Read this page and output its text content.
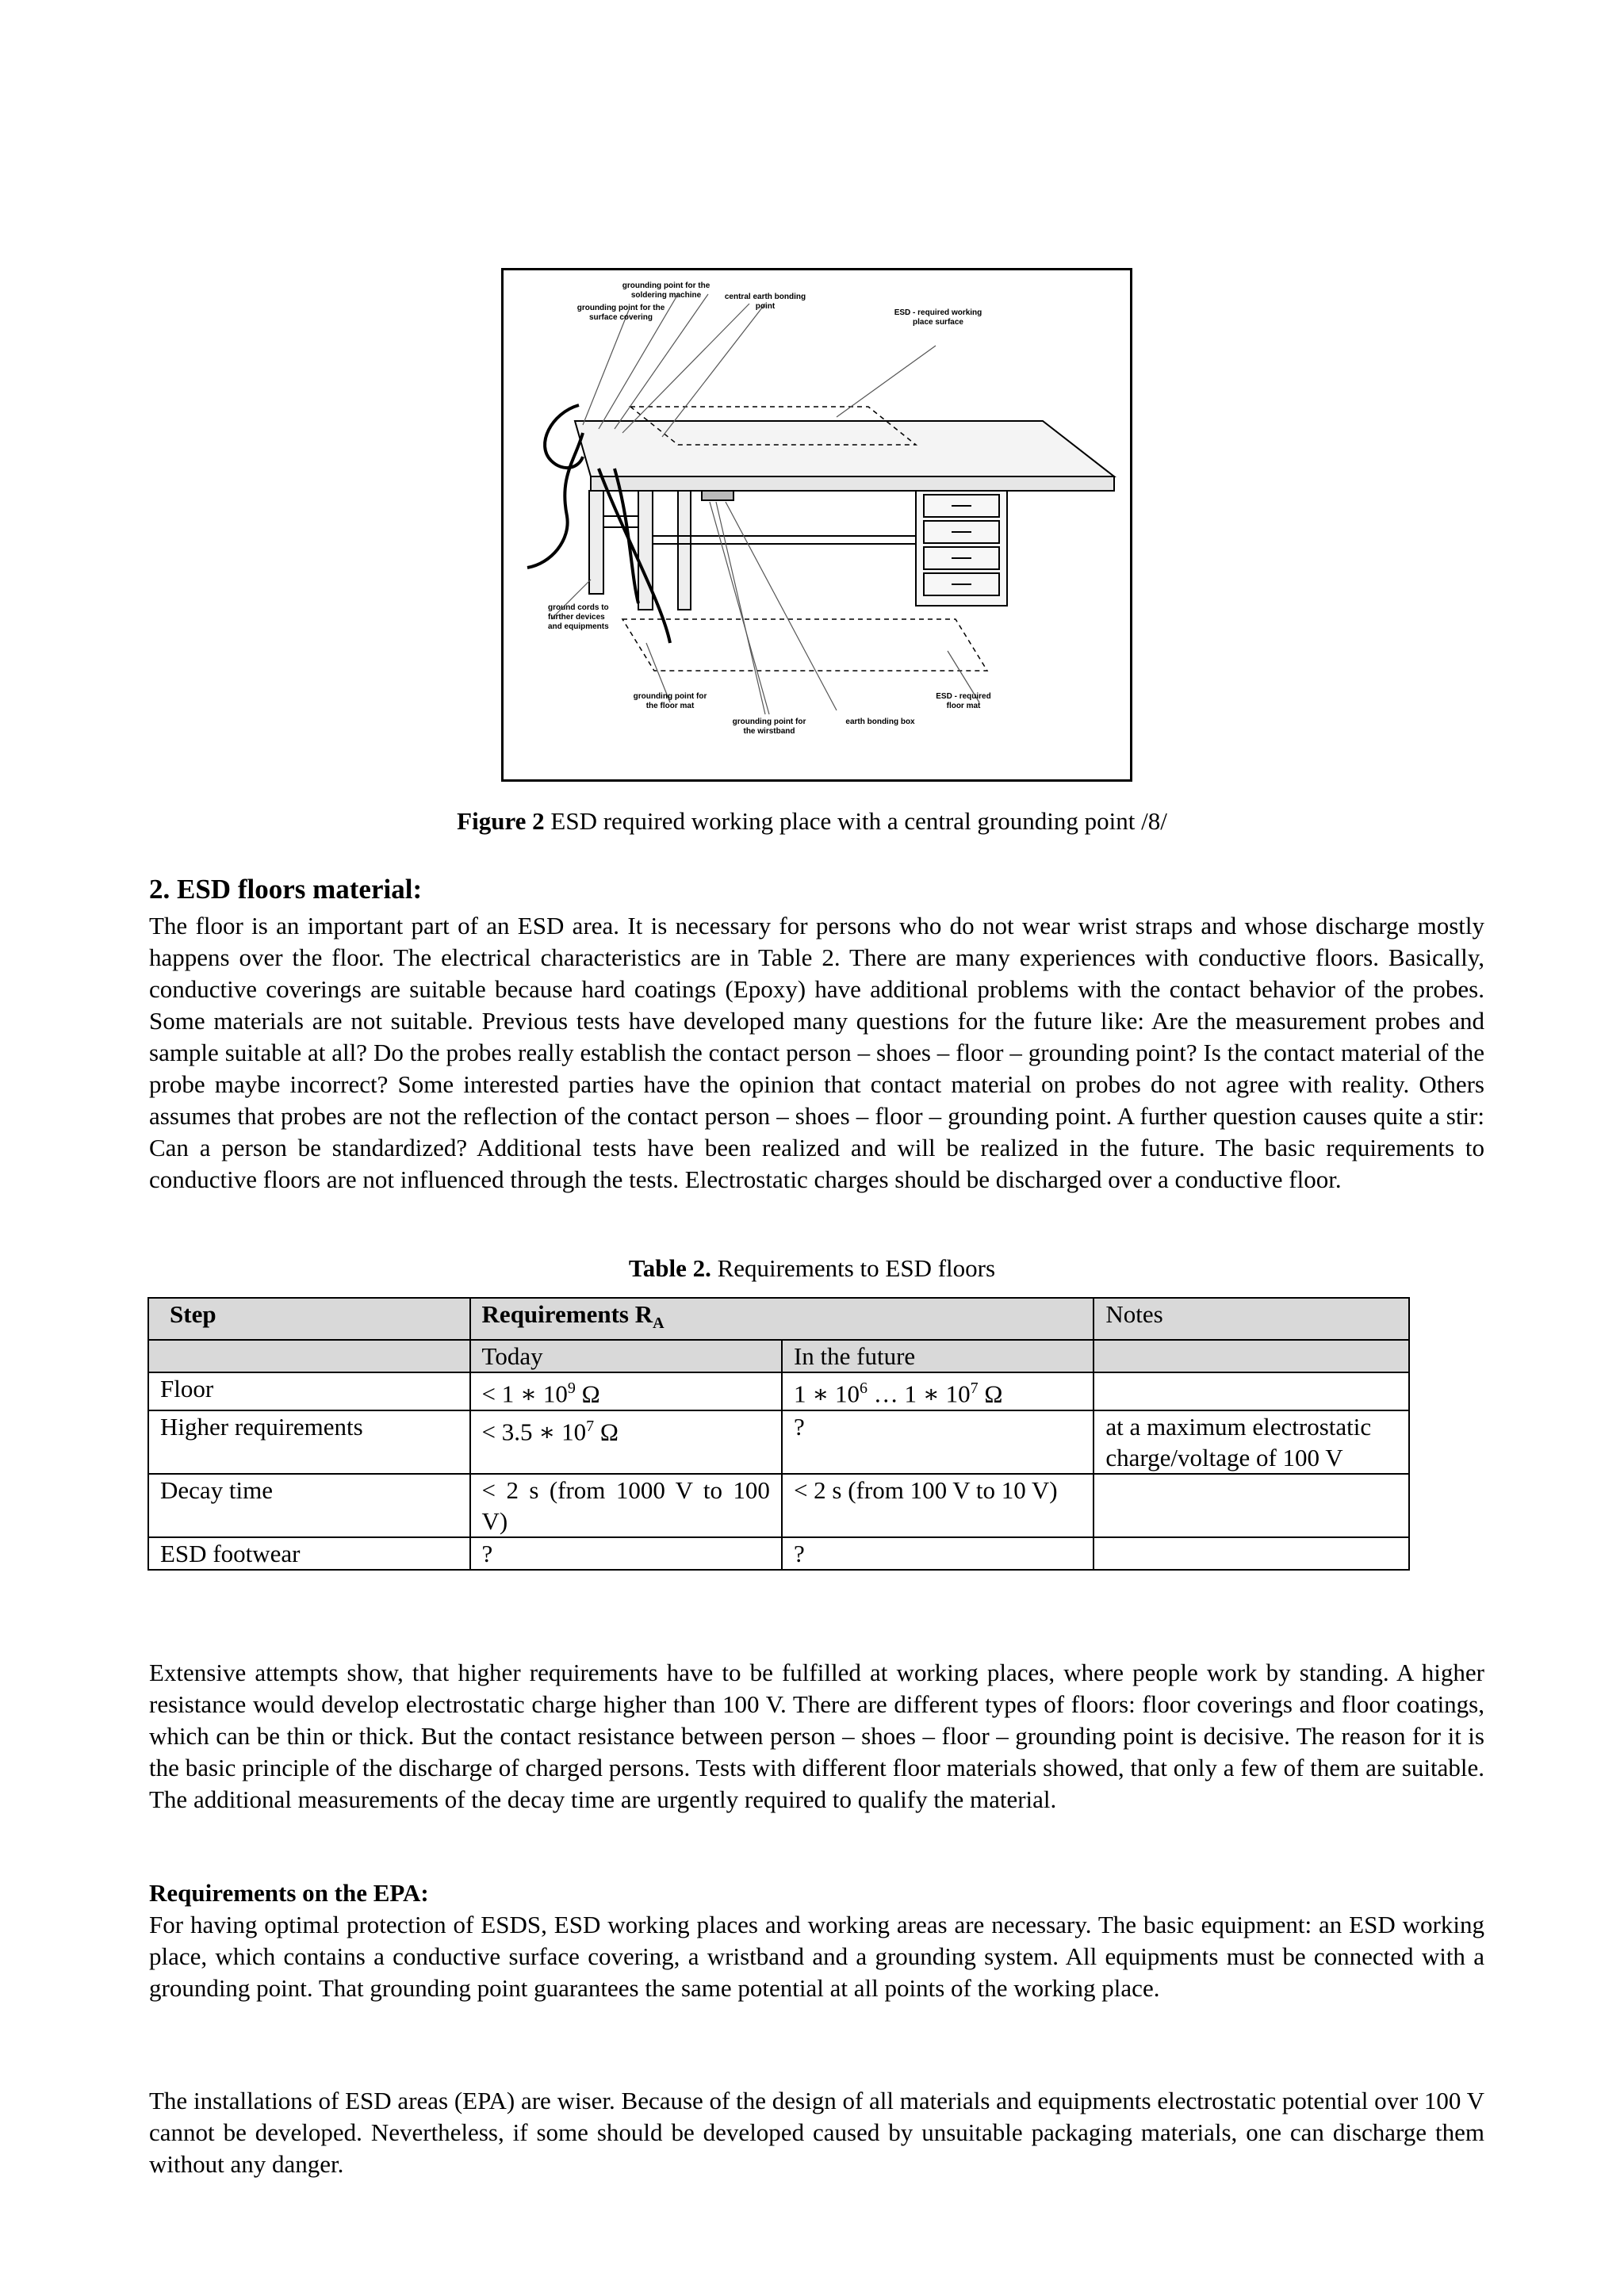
grounding point for the
soldering machine	central earth bonding
point
grounding point for the
surface covering
ESD - required working
place surface
ground cords to
further devices
and equipments
grounding point for
the floor mat
grounding point for
the wirstband
earth bonding box
ESD - required
floor mat
Figure 2 ESD required working place with a central grounding point /8/
2. ESD floors material:

The floor is an important part of an ESD area. It is necessary for persons who do not wear wrist straps and whose discharge mostly happens over the floor. The electrical characteristics are in Table 2. There are many experiences with conductive floors. Basically, conductive coverings are suitable because hard coatings (Epoxy) have additional problems with the contact behavior of the probes. Some materials are not suitable. Previous tests have developed many questions for the future like: Are the measurement probes and sample suitable at all? Do the probes really establish the contact person – shoes – floor – grounding point? Is the contact material of the probe maybe incorrect? Some interested parties have the opinion that contact material on probes do not agree with reality. Others assumes that probes are not the reflection of the contact person – shoes – floor – grounding point. A further question causes quite a stir: Can a person be standardized? Additional tests have been realized and will be realized in the future. The basic requirements to conductive floors are not influenced through the tests. Electrostatic charges should be discharged over a conductive floor.

Table 2. Requirements to ESD floors
Step	Requirements $R_A$		Notes
	Today	In the future	
Floor	< 1 ∗ $10^9$ Ω	1 ∗ $10^6$ … 1 ∗ $10^7$ Ω	
Higher requirements	< 3.5 ∗ $10^7$ Ω	?	at a maximum electrostatic charge/voltage of 100 V
Decay time	< 2 s (from 1000 V to 100 V)	< 2 s (from 100 V to 10 V)	
ESD footwear	?	?	

Extensive attempts show, that higher requirements have to be fulfilled at working places, where people work by standing. A higher resistance would develop electrostatic charge higher than 100 V. There are different types of floors: floor coverings and floor coatings, which can be thin or thick. But the contact resistance between person – shoes – floor – grounding point is decisive. The reason for it is the basic principle of the discharge of charged persons. Tests with different floor materials showed, that only a few of them are suitable. The additional measurements of the decay time are urgently required to qualify the material.

Requirements on the EPA:

For having optimal protection of ESDS, ESD working places and working areas are necessary. The basic equipment: an ESD working place, which contains a conductive surface covering, a wristband and a grounding system. All equipments must be connected with a grounding point. That grounding point guarantees the same potential at all points of the working place.

The installations of ESD areas (EPA) are wiser. Because of the design of all materials and equipments electrostatic potential over 100 V cannot be developed. Nevertheless, if some should be developed caused by unsuitable packaging materials, one can discharge them without any danger.
